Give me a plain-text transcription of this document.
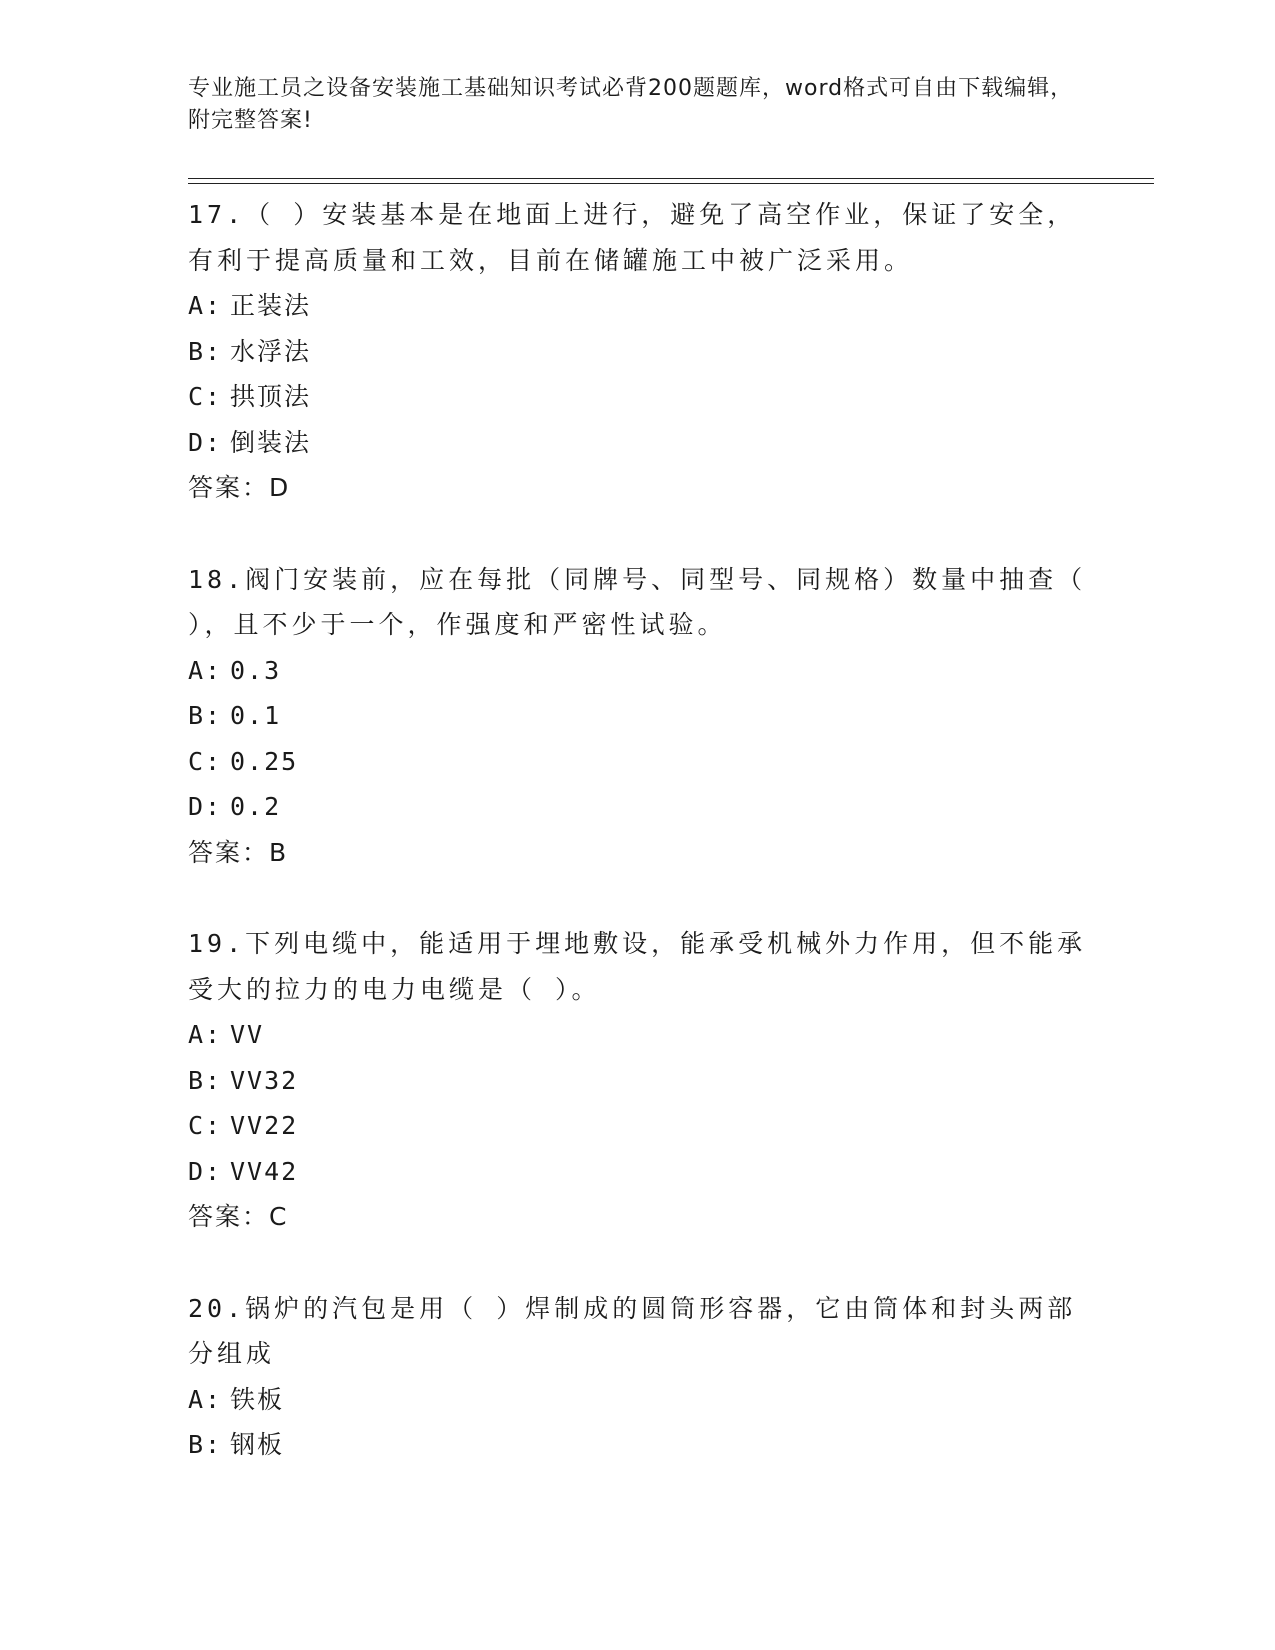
专业施工员之设备安装施工基础知识考试必背200题题库，word格式可自由下载编辑，附完整答案!
17.（ ）安装基本是在地面上进行，避免了高空作业，保证了安全，有利于提高质量和工效，目前在储罐施工中被广泛采用。
A: 正装法
B: 水浮法
C: 拱顶法
D: 倒装法
答案：D
18.阀门安装前，应在每批（同牌号、同型号、同规格）数量中抽查（ ），且不少于一个，作强度和严密性试验。
A: 0.3
B: 0.1
C: 0.25
D: 0.2
答案：B
19.下列电缆中，能适用于埋地敷设，能承受机械外力作用，但不能承受大的拉力的电力电缆是（ ）。
A: VV
B: VV32
C: VV22
D: VV42
答案：C
20.锅炉的汽包是用（ ）焊制成的圆筒形容器，它由筒体和封头两部分组成
A: 铁板
B: 钢板
